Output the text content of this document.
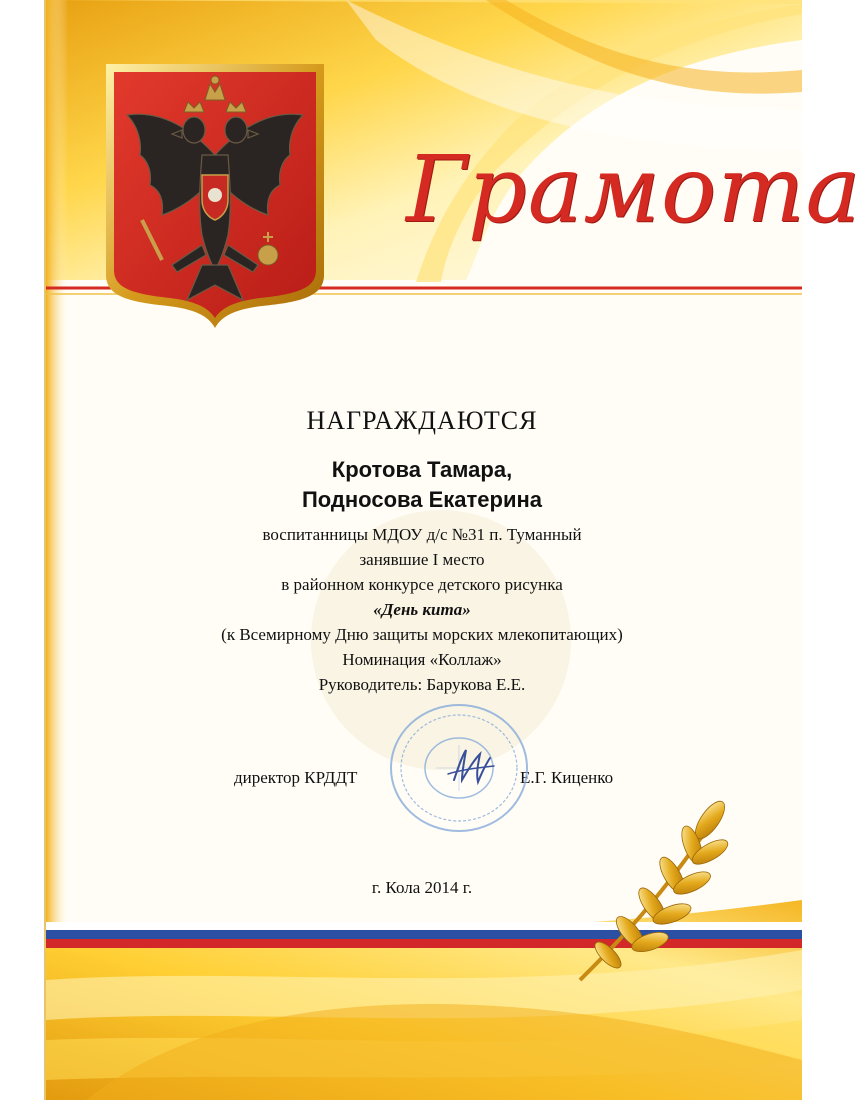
Грамота
НАГРАЖДАЮТСЯ
Кротова Тамара,
Подносова Екатерина
воспитанницы МДОУ д/с №31 п. Туманный
занявшие I место
в районном конкурсе детского рисунка
«День кита»
(к Всемирному Дню защиты морских млекопитающих)
Номинация «Коллаж»
Руководитель: Барукова Е.Е.
директор КРДДТ	Е.Г. Киценко
г. Кола 2014 г.
